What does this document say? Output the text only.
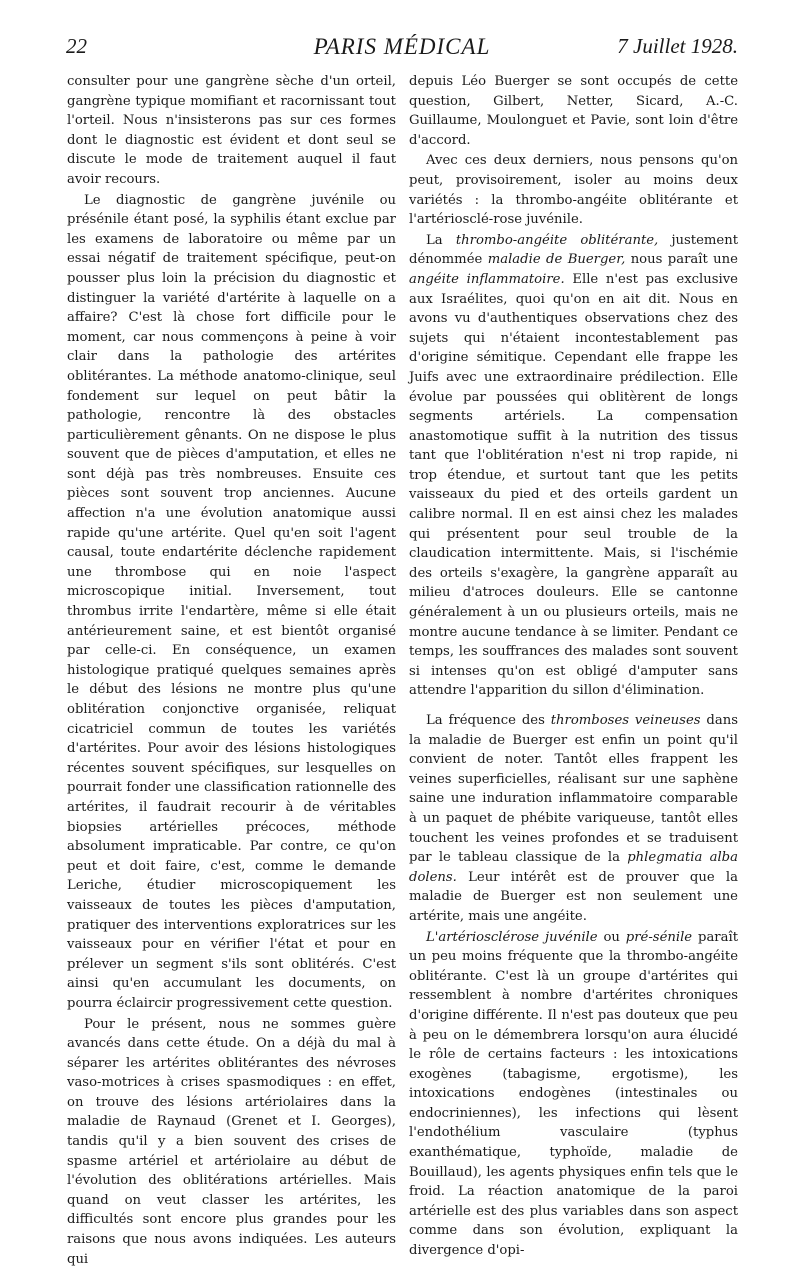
22	PARIS MÉDICAL	7 Juillet 1928.

consulter pour une gangrène sèche d'un orteil, gangrène typique momifiant et racornissant tout l'orteil. Nous n'insisterons pas sur ces formes dont le diagnostic est évident et dont seul se discute le mode de traitement auquel il faut avoir recours.

Le diagnostic de gangrène juvénile ou présénile étant posé, la syphilis étant exclue par les examens de laboratoire ou même par un essai négatif de traitement spécifique, peut-on pousser plus loin la précision du diagnostic et distinguer la variété d'artérite à laquelle on a affaire? C'est là chose fort difficile pour le moment, car nous commençons à peine à voir clair dans la pathologie des artérites oblitérantes. La méthode anatomo-clinique, seul fondement sur lequel on peut bâtir la pathologie, rencontre là des obstacles particulièrement gênants. On ne dispose le plus souvent que de pièces d'amputation, et elles ne sont déjà pas très nombreuses. Ensuite ces pièces sont souvent trop anciennes. Aucune affection n'a une évolution anatomique aussi rapide qu'une artérite. Quel qu'en soit l'agent causal, toute endartérite déclenche rapidement une thrombose qui en noie l'aspect microscopique initial. Inversement, tout thrombus irrite l'endartère, même si elle était antérieurement saine, et est bientôt organisé par celle-ci. En conséquence, un examen histologique pratiqué quelques semaines après le début des lésions ne montre plus qu'une oblitération conjonctive organisée, reliquat cicatriciel commun de toutes les variétés d'artérites. Pour avoir des lésions histologiques récentes souvent spécifiques, sur lesquelles on pourrait fonder une classification rationnelle des artérites, il faudrait recourir à de véritables biopsies artérielles précoces, méthode absolument impraticable. Par contre, ce qu'on peut et doit faire, c'est, comme le demande Leriche, étudier microscopiquement les vaisseaux de toutes les pièces d'amputation, pratiquer des interventions exploratrices sur les vaisseaux pour en vérifier l'état et pour en prélever un segment s'ils sont oblitérés. C'est ainsi qu'en accumulant les documents, on pourra éclaircir progressivement cette question.

Pour le présent, nous ne sommes guère avancés dans cette étude. On a déjà du mal à séparer les artérites oblitérantes des névroses vaso-motrices à crises spasmodiques : en effet, on trouve des lésions artériolaires dans la maladie de Raynaud (Grenet et I. Georges), tandis qu'il y a bien souvent des crises de spasme artériel et artériolaire au début de l'évolution des oblitérations artérielles. Mais quand on veut classer les artérites, les difficultés sont encore plus grandes pour les raisons que nous avons indiquées. Les auteurs qui

depuis Léo Buerger se sont occupés de cette question, Gilbert, Netter, Sicard, A.-C. Guillaume, Moulonguet et Pavie, sont loin d'être d'accord.

Avec ces deux derniers, nous pensons qu'on peut, provisoirement, isoler au moins deux variétés : la thrombo-angéite oblitérante et l'artériosclé-rose juvénile.

La thrombo-angéite oblitérante, justement dénommée maladie de Buerger, nous paraît une angéite inflammatoire. Elle n'est pas exclusive aux Israélites, quoi qu'on en ait dit. Nous en avons vu d'authentiques observations chez des sujets qui n'étaient incontestablement pas d'origine sémitique. Cependant elle frappe les Juifs avec une extraordinaire prédilection. Elle évolue par poussées qui oblitèrent de longs segments artériels. La compensation anastomotique suffit à la nutrition des tissus tant que l'oblitération n'est ni trop rapide, ni trop étendue, et surtout tant que les petits vaisseaux du pied et des orteils gardent un calibre normal. Il en est ainsi chez les malades qui présentent pour seul trouble de la claudication intermittente. Mais, si l'ischémie des orteils s'exagère, la gangrène apparaît au milieu d'atroces douleurs. Elle se cantonne généralement à un ou plusieurs orteils, mais ne montre aucune tendance à se limiter. Pendant ce temps, les souffrances des malades sont souvent si intenses qu'on est obligé d'amputer sans attendre l'apparition du sillon d'élimination.

La fréquence des thromboses veineuses dans la maladie de Buerger est enfin un point qu'il convient de noter. Tantôt elles frappent les veines superficielles, réalisant sur une saphène saine une induration inflammatoire comparable à un paquet de phébite variqueuse, tantôt elles touchent les veines profondes et se traduisent par le tableau classique de la phlegmatia alba dolens. Leur intérêt est de prouver que la maladie de Buerger est non seulement une artérite, mais une angéite.

L'artériosclérose juvénile ou pré-sénile paraît un peu moins fréquente que la thrombo-angéite oblitérante. C'est là un groupe d'artérites qui ressemblent à nombre d'artérites chroniques d'origine différente. Il n'est pas douteux que peu à peu on le démembrera lorsqu'on aura élucidé le rôle de certains facteurs : les intoxications exogènes (tabagisme, ergotisme), les intoxications endogènes (intestinales ou endocriniennes), les infections qui lèsent l'endothélium vasculaire (typhus exanthématique, typhoïde, maladie de Bouillaud), les agents physiques enfin tels que le froid. La réaction anatomique de la paroi artérielle est des plus variables dans son aspect comme dans son évolution, expliquant la divergence d'opi-
